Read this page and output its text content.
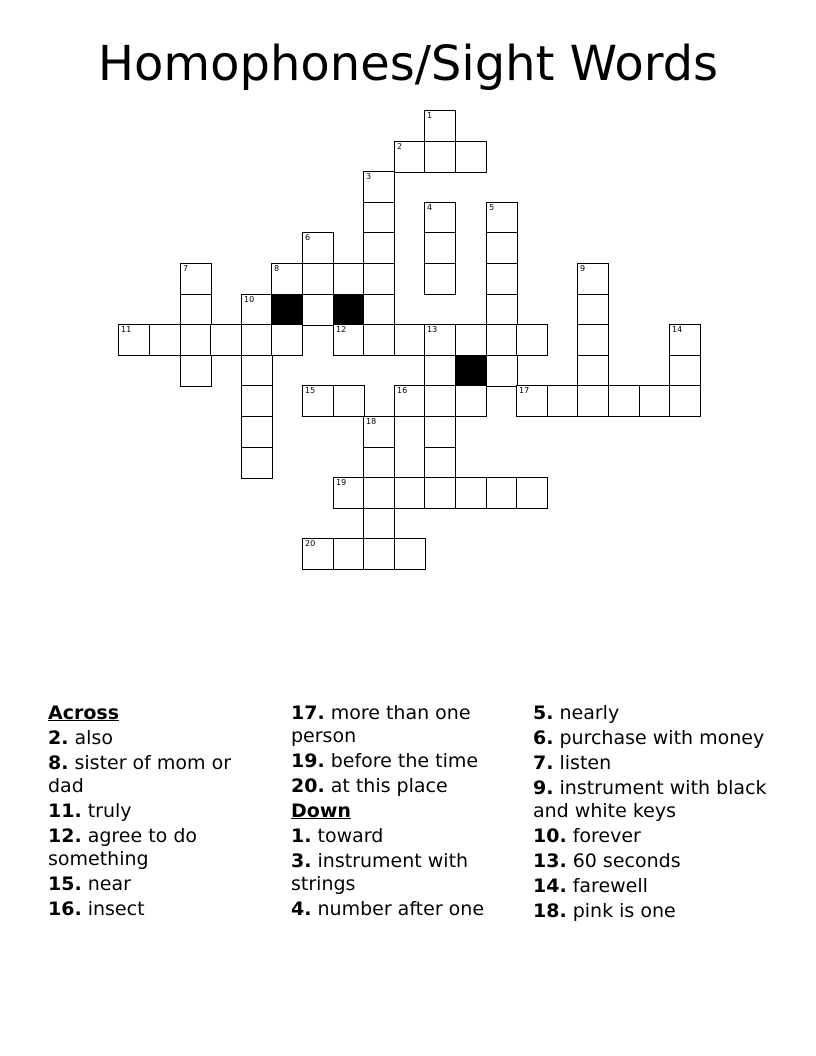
Homophones/Sight Words
1
2
3
4	5
6
7	8	9
10
11	12	13	14
15	16	17
18
19
20
Across
2. also
8. sister of mom or dad
11. truly
12. agree to do something
15. near
16. insect
17. more than one person
19. before the time
20. at this place
Down
1. toward
3. instrument with strings
4. number after one
5. nearly
6. purchase with money
7. listen
9. instrument with black and white keys
10. forever
13. 60 seconds
14. farewell
18. pink is one
